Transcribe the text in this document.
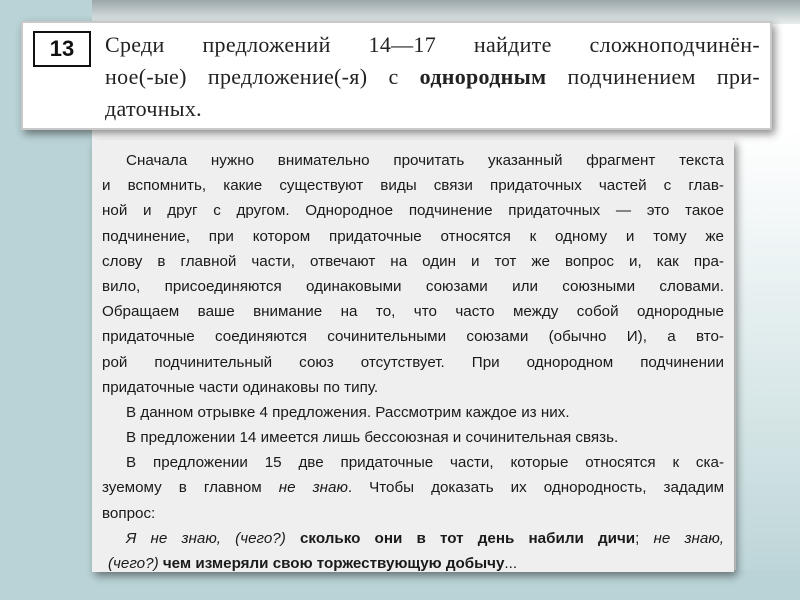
13	Среди предложений 14—17 найдите сложноподчинён-
ное(-ые) предложение(-я) с однородным подчинением при-
даточных.
Сначала нужно внимательно прочитать указанный фрагмент текста
и вспомнить, какие существуют виды связи придаточных частей с глав-
ной и друг с другом. Однородное подчинение придаточных — это такое
подчинение, при котором придаточные относятся к одному и тому же
слову в главной части, отвечают на один и тот же вопрос и, как пра-
вило, присоединяются одинаковыми союзами или союзными словами.
Обращаем ваше внимание на то, что часто между собой однородные
придаточные соединяются сочинительными союзами (обычно И), а вто-
рой подчинительный союз отсутствует. При однородном подчинении
придаточные части одинаковы по типу.
В данном отрывке 4 предложения. Рассмотрим каждое из них.
В предложении 14 имеется лишь бессоюзная и сочинительная связь.
В предложении 15 две придаточные части, которые относятся к ска-
зуемому в главном не знаю. Чтобы доказать их однородность, зададим
вопрос:
Я не знаю, (чего?) сколько они в тот день набили дичи; не знаю,
(чего?) чем измеряли свою торжествующую добычу...
